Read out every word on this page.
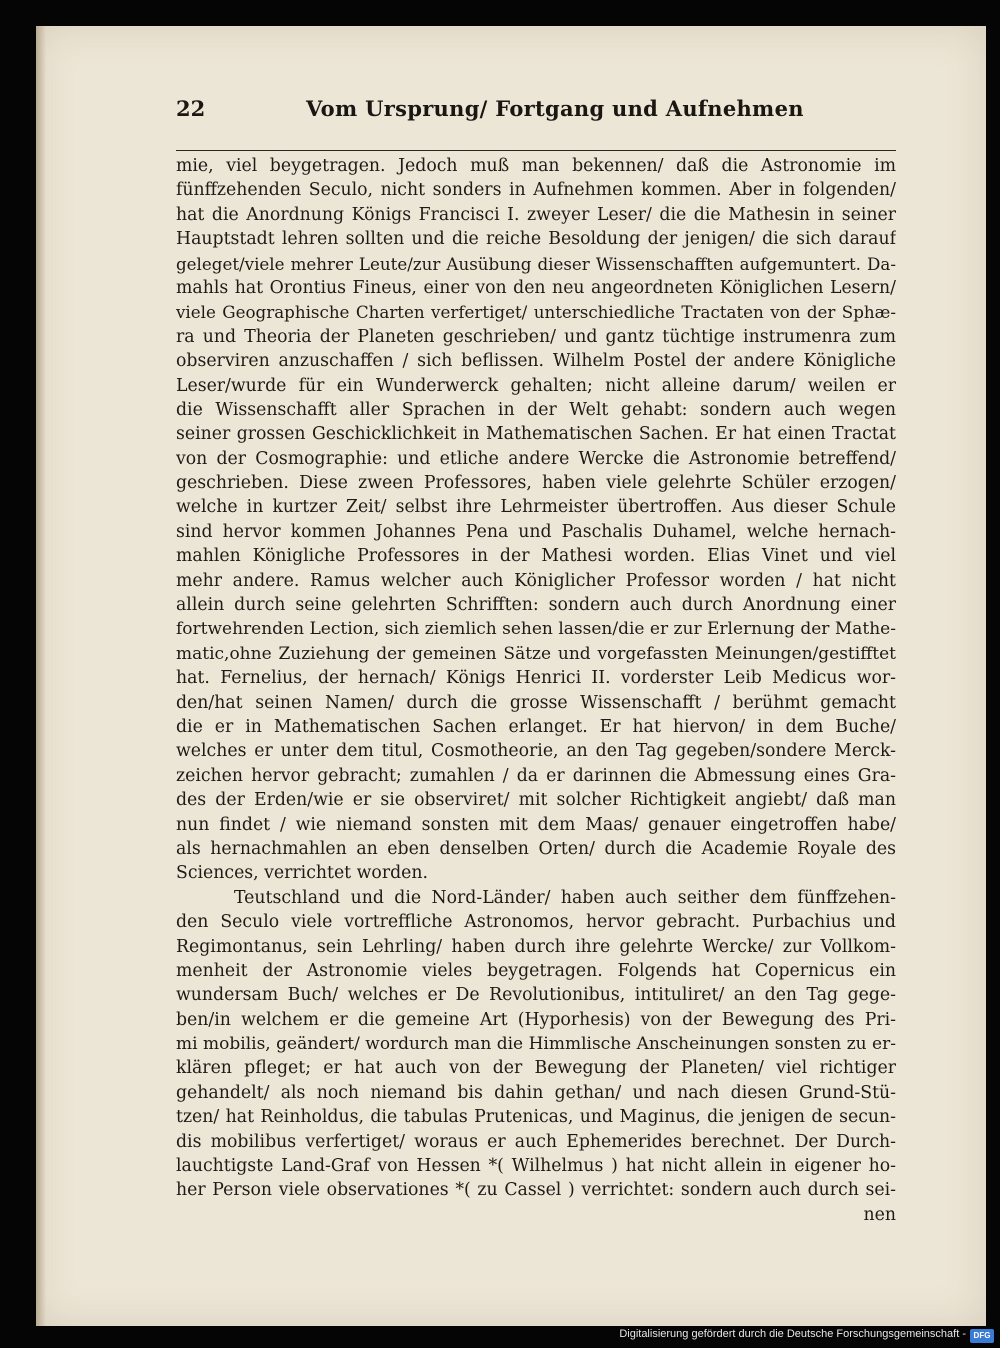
22	Vom Ursprung/ Fortgang und Aufnehmen
mie, viel beygetragen. Jedoch muß man bekennen/ daß die Astronomie im
fünffzehenden Seculo, nicht sonders in Aufnehmen kommen. Aber in folgenden/
hat die Anordnung Königs Francisci I. zweyer Leser/ die die Mathesin in seiner
Hauptstadt lehren sollten und die reiche Besoldung der jenigen/ die sich darauf
geleget/viele mehrer Leute/zur Ausübung dieser Wissenschafften aufgemuntert. Da-
mahls hat Orontius Fineus, einer von den neu angeordneten Königlichen Lesern/
viele Geographische Charten verfertiget/ unterschiedliche Tractaten von der Sphæ-
ra und Theoria der Planeten geschrieben/ und gantz tüchtige instrumenra zum
observiren anzuschaffen / sich beflissen. Wilhelm Postel der andere Königliche
Leser/wurde für ein Wunderwerck gehalten; nicht alleine darum/ weilen er
die Wissenschafft aller Sprachen in der Welt gehabt: sondern auch wegen
seiner grossen Geschicklichkeit in Mathematischen Sachen. Er hat einen Tractat
von der Cosmographie: und etliche andere Wercke die Astronomie betreffend/
geschrieben. Diese zween Professores, haben viele gelehrte Schüler erzogen/
welche in kurtzer Zeit/ selbst ihre Lehrmeister übertroffen. Aus dieser Schule
sind hervor kommen Johannes Pena und Paschalis Duhamel, welche hernach-
mahlen Königliche Professores in der Mathesi worden. Elias Vinet und viel
mehr andere. Ramus welcher auch Königlicher Professor worden / hat nicht
allein durch seine gelehrten Schrifften: sondern auch durch Anordnung einer
fortwehrenden Lection, sich ziemlich sehen lassen/die er zur Erlernung der Mathe-
matic,ohne Zuziehung der gemeinen Sätze und vorgefassten Meinungen/gestifftet
hat. Fernelius, der hernach/ Königs Henrici II. vorderster Leib Medicus wor-
den/hat seinen Namen/ durch die grosse Wissenschafft / berühmt gemacht
die er in Mathematischen Sachen erlanget. Er hat hiervon/ in dem Buche/
welches er unter dem titul, Cosmotheorie, an den Tag gegeben/sondere Merck-
zeichen hervor gebracht; zumahlen / da er darinnen die Abmessung eines Gra-
des der Erden/wie er sie observiret/ mit solcher Richtigkeit angiebt/ daß man
nun findet / wie niemand sonsten mit dem Maas/ genauer eingetroffen habe/
als hernachmahlen an eben denselben Orten/ durch die Academie Royale des
Sciences, verrichtet worden.
Teutschland und die Nord-Länder/ haben auch seither dem fünffzehen-
den Seculo viele vortreffliche Astronomos, hervor gebracht. Purbachius und
Regimontanus, sein Lehrling/ haben durch ihre gelehrte Wercke/ zur Vollkom-
menheit der Astronomie vieles beygetragen. Folgends hat Copernicus ein
wundersam Buch/ welches er De Revolutionibus, intituliret/ an den Tag gege-
ben/in welchem er die gemeine Art (Hyporhesis) von der Bewegung des Pri-
mi mobilis, geändert/ wordurch man die Himmlische Anscheinungen sonsten zu er-
klären pfleget; er hat auch von der Bewegung der Planeten/ viel richtiger
gehandelt/ als noch niemand bis dahin gethan/ und nach diesen Grund-Stü-
tzen/ hat Reinholdus, die tabulas Prutenicas, und Maginus, die jenigen de secun-
dis mobilibus verfertiget/ woraus er auch Ephemerides berechnet. Der Durch-
lauchtigste Land-Graf von Hessen *( Wilhelmus ) hat nicht allein in eigener ho-
her Person viele observationes *( zu Cassel ) verrichtet: sondern auch durch sei-
nen
Digitalisierung gefördert durch die Deutsche Forschungsgemeinschaft - DFG
